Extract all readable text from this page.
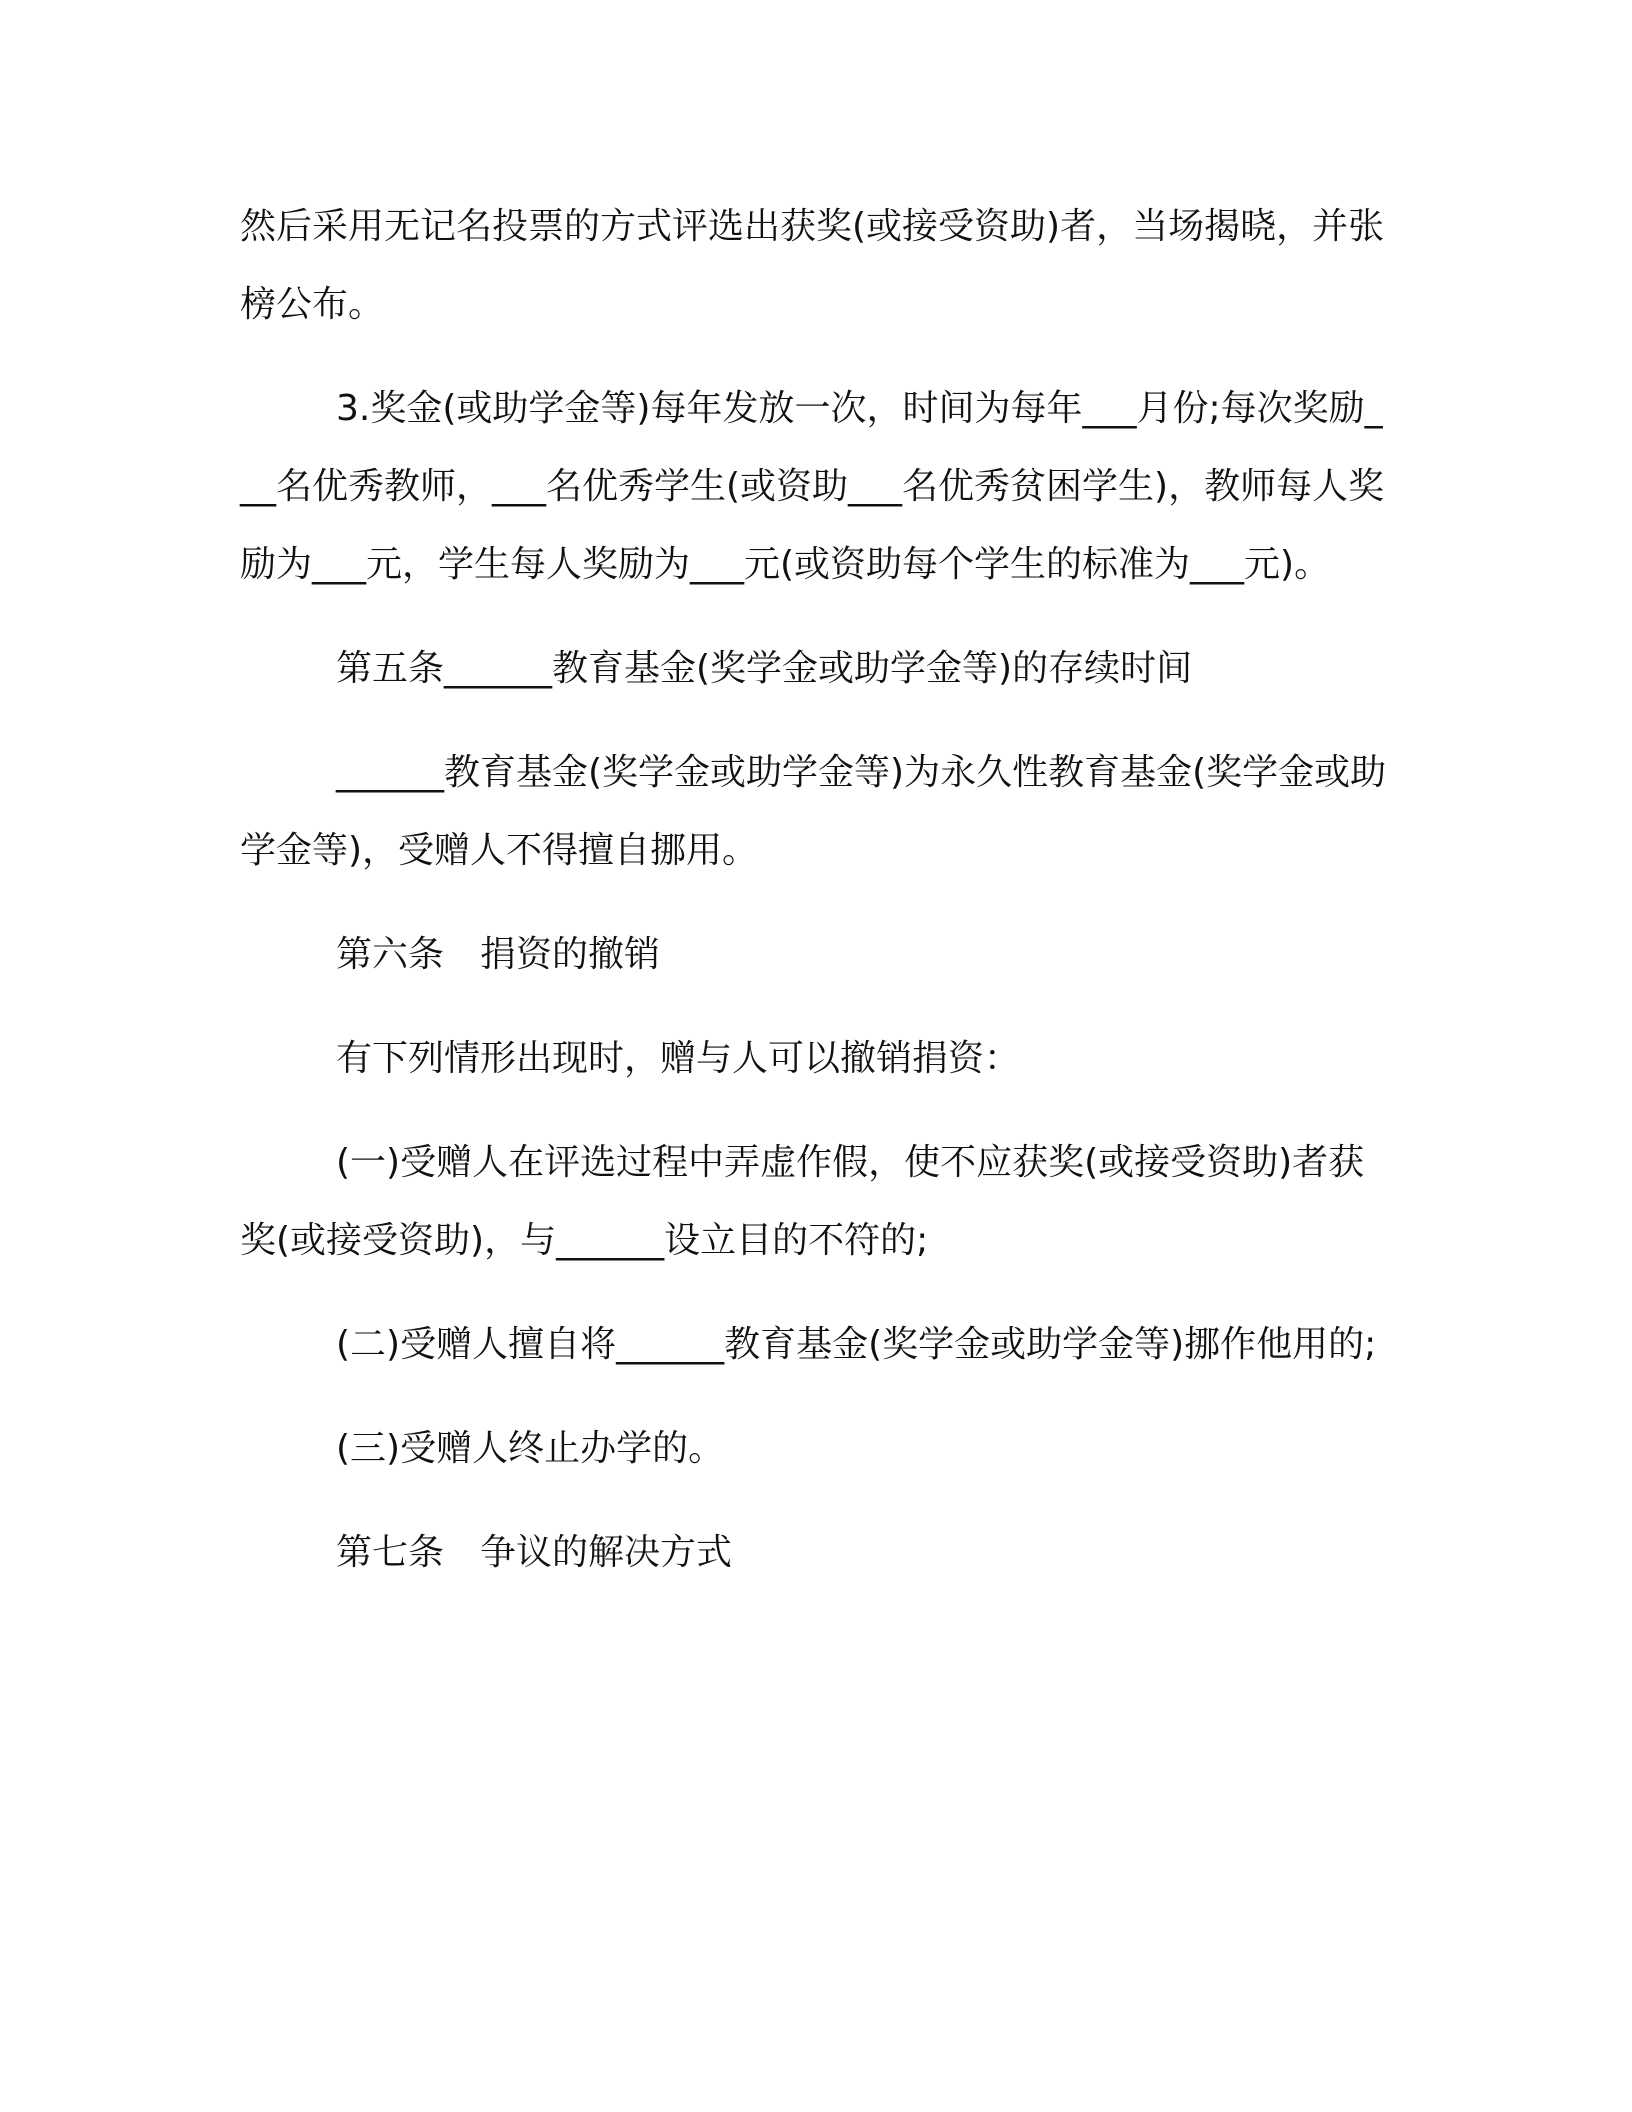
然后采用无记名投票的方式评选出获奖(或接受资助)者，当场揭晓，并张榜公布。

3.奖金(或助学金等)每年发放一次，时间为每年___月份;每次奖励___名优秀教师，___名优秀学生(或资助___名优秀贫困学生)，教师每人奖励为___元，学生每人奖励为___元(或资助每个学生的标准为___元)。

第五条______教育基金(奖学金或助学金等)的存续时间

______教育基金(奖学金或助学金等)为永久性教育基金(奖学金或助学金等)，受赠人不得擅自挪用。

第六条　捐资的撤销

有下列情形出现时，赠与人可以撤销捐资：

(一)受赠人在评选过程中弄虚作假，使不应获奖(或接受资助)者获奖(或接受资助)，与______设立目的不符的;

(二)受赠人擅自将______教育基金(奖学金或助学金等)挪作他用的;

(三)受赠人终止办学的。

第七条　争议的解决方式
